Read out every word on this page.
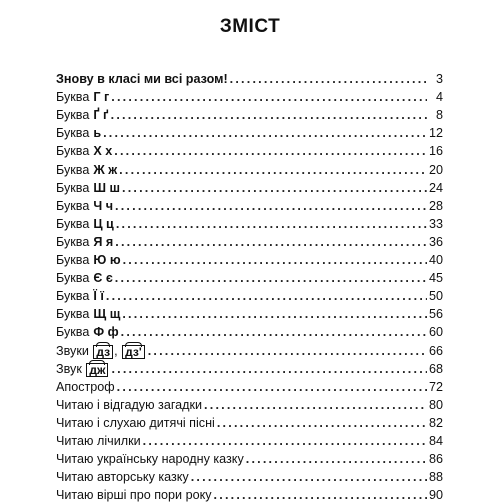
ЗМІСТ
Знову в класі ми всі разом! .....	3
Буква Г г .....	4
Буква Ґ ґ .....	8
Буква ь .....	12
Буква Х х .....	16
Буква Ж ж .....	20
Буква Ш ш .....	24
Буква Ч ч .....	28
Буква Ц ц .....	33
Буква Я я .....	36
Буква Ю ю .....	40
Буква Є є .....	45
Буква Ї ї .....	50
Буква Щ щ .....	56
Буква Ф ф .....	60
Звуки
дз , дз' .....	66
Звук
дж .....	68
Апостроф .....	72
Читаю і відгадую загадки .....	80
Читаю і слухаю дитячі пісні .....	82
Читаю лічилки .....	84
Читаю українську народну казку .....	86
Читаю авторську казку .....	88
Читаю вірші про пори року .....	90
